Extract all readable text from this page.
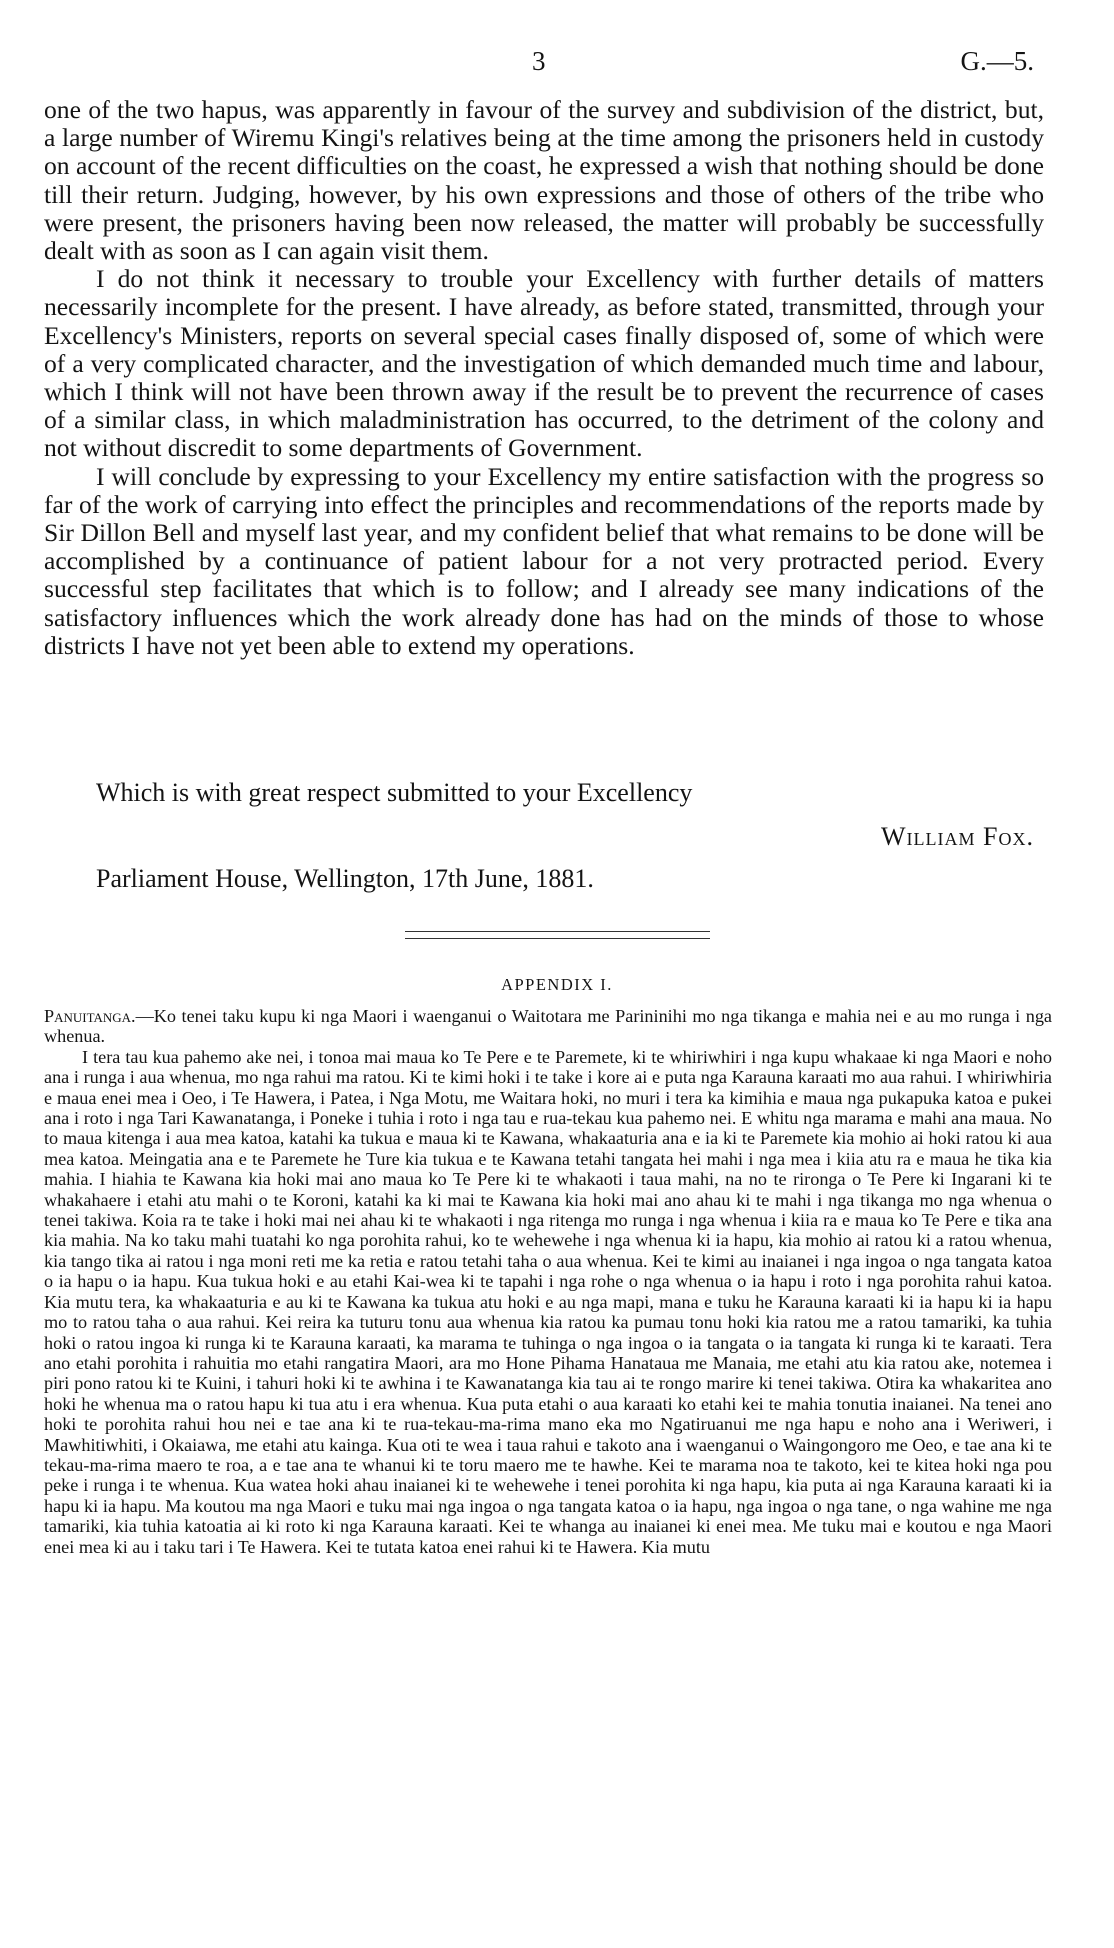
3	G.—5.

one of the two hapus, was apparently in favour of the survey and subdivision of the district, but, a large number of Wiremu Kingi's relatives being at the time among the prisoners held in custody on account of the recent difficulties on the coast, he expressed a wish that nothing should be done till their return. Judging, however, by his own expressions and those of others of the tribe who were present, the prisoners having been now released, the matter will probably be successfully dealt with as soon as I can again visit them.

I do not think it necessary to trouble your Excellency with further details of matters necessarily incomplete for the present. I have already, as before stated, transmitted, through your Excellency's Ministers, reports on several special cases finally disposed of, some of which were of a very complicated character, and the investigation of which demanded much time and labour, which I think will not have been thrown away if the result be to prevent the recurrence of cases of a similar class, in which maladministration has occurred, to the detriment of the colony and not without discredit to some departments of Government.

I will conclude by expressing to your Excellency my entire satisfaction with the progress so far of the work of carrying into effect the principles and recommendations of the reports made by Sir Dillon Bell and myself last year, and my confident belief that what remains to be done will be accomplished by a continuance of patient labour for a not very protracted period. Every successful step facilitates that which is to follow; and I already see many indications of the satisfactory influences which the work already done has had on the minds of those to whose districts I have not yet been able to extend my operations.

Which is with great respect submitted to your Excellency
William Fox.
Parliament House, Wellington, 17th June, 1881.
APPENDIX I.

Panuitanga.—Ko tenei taku kupu ki nga Maori i waenganui o Waitotara me Parininihi mo nga tikanga e mahia nei e au mo runga i nga whenua.

I tera tau kua pahemo ake nei, i tonoa mai maua ko Te Pere e te Paremete, ki te whiriwhiri i nga kupu whakaae ki nga Maori e noho ana i runga i aua whenua, mo nga rahui ma ratou. Ki te kimi hoki i te take i kore ai e puta nga Karauna karaati mo aua rahui. I whiriwhiria e maua enei mea i Oeo, i Te Hawera, i Patea, i Nga Motu, me Waitara hoki, no muri i tera ka kimihia e maua nga pukapuka katoa e pukei ana i roto i nga Tari Kawanatanga, i Poneke i tuhia i roto i nga tau e rua-tekau kua pahemo nei. E whitu nga marama e mahi ana maua. No to maua kitenga i aua mea katoa, katahi ka tukua e maua ki te Kawana, whakaaturia ana e ia ki te Paremete kia mohio ai hoki ratou ki aua mea katoa. Meingatia ana e te Paremete he Ture kia tukua e te Kawana tetahi tangata hei mahi i nga mea i kiia atu ra e maua he tika kia mahia. I hiahia te Kawana kia hoki mai ano maua ko Te Pere ki te whakaoti i taua mahi, na no te rironga o Te Pere ki Ingarani ki te whakahaere i etahi atu mahi o te Koroni, katahi ka ki mai te Kawana kia hoki mai ano ahau ki te mahi i nga tikanga mo nga whenua o tenei takiwa. Koia ra te take i hoki mai nei ahau ki te whakaoti i nga ritenga mo runga i nga whenua i kiia ra e maua ko Te Pere e tika ana kia mahia. Na ko taku mahi tuatahi ko nga porohita rahui, ko te wehewehe i nga whenua ki ia hapu, kia mohio ai ratou ki a ratou whenua, kia tango tika ai ratou i nga moni reti me ka retia e ratou tetahi taha o aua whenua. Kei te kimi au inaianei i nga ingoa o nga tangata katoa o ia hapu o ia hapu. Kua tukua hoki e au etahi Kai-wea ki te tapahi i nga rohe o nga whenua o ia hapu i roto i nga porohita rahui katoa. Kia mutu tera, ka whakaaturia e au ki te Kawana ka tukua atu hoki e au nga mapi, mana e tuku he Karauna karaati ki ia hapu ki ia hapu mo to ratou taha o aua rahui. Kei reira ka tuturu tonu aua whenua kia ratou ka pumau tonu hoki kia ratou me a ratou tamariki, ka tuhia hoki o ratou ingoa ki runga ki te Karauna karaati, ka marama te tuhinga o nga ingoa o ia tangata o ia tangata ki runga ki te karaati. Tera ano etahi porohita i rahuitia mo etahi rangatira Maori, ara mo Hone Pihama Hanataua me Manaia, me etahi atu kia ratou ake, notemea i piri pono ratou ki te Kuini, i tahuri hoki ki te awhina i te Kawanatanga kia tau ai te rongo marire ki tenei takiwa. Otira ka whakaritea ano hoki he whenua ma o ratou hapu ki tua atu i era whenua. Kua puta etahi o aua karaati ko etahi kei te mahia tonutia inaianei. Na tenei ano hoki te porohita rahui hou nei e tae ana ki te rua-tekau-ma-rima mano eka mo Ngatiruanui me nga hapu e noho ana i Weriweri, i Mawhitiwhiti, i Okaiawa, me etahi atu kainga. Kua oti te wea i taua rahui e takoto ana i waenganui o Waingongoro me Oeo, e tae ana ki te tekau-ma-rima maero te roa, a e tae ana te whanui ki te toru maero me te hawhe. Kei te marama noa te takoto, kei te kitea hoki nga pou peke i runga i te whenua. Kua watea hoki ahau inaianei ki te wehewehe i tenei porohita ki nga hapu, kia puta ai nga Karauna karaati ki ia hapu ki ia hapu. Ma koutou ma nga Maori e tuku mai nga ingoa o nga tangata katoa o ia hapu, nga ingoa o nga tane, o nga wahine me nga tamariki, kia tuhia katoatia ai ki roto ki nga Karauna karaati. Kei te whanga au inaianei ki enei mea. Me tuku mai e koutou e nga Maori enei mea ki au i taku tari i Te Hawera. Kei te tutata katoa enei rahui ki te Hawera. Kia mutu
